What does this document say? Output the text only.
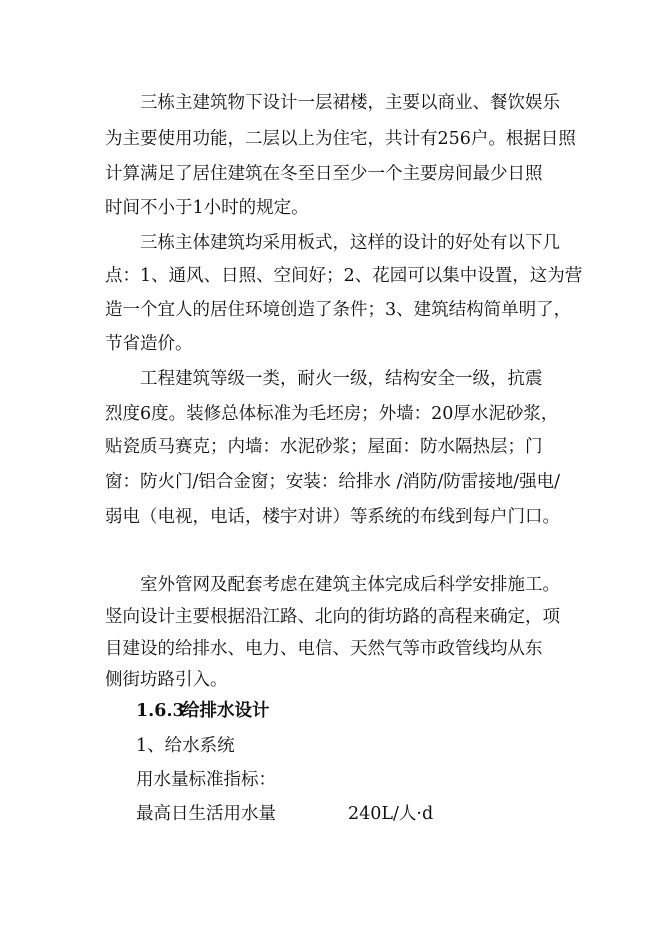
三栋主建筑物下设计一层裙楼，主要以商业、餐饮娱乐
为主要使用功能，二层以上为住宅，共计有256户。根据日照
计算满足了居住建筑在冬至日至少一个主要房间最少日照
时间不小于1小时的规定。
三栋主体建筑均采用板式，这样的设计的好处有以下几
点：1、通风、日照、空间好；2、花园可以集中设置，这为营
造一个宜人的居住环境创造了条件；3、建筑结构简单明了，
节省造价。
工程建筑等级一类，耐火一级，结构安全一级，抗震
烈度6度。装修总体标准为毛坯房；外墙：20厚水泥砂浆，
贴瓷质马赛克；内墙：水泥砂浆；屋面：防水隔热层；门
窗：防火门/铝合金窗；安装：给排水 /消防/防雷接地/强电/
弱电（电视，电话，楼宇对讲）等系统的布线到每户门口。
室外管网及配套考虑在建筑主体完成后科学安排施工。
竖向设计主要根据沿江路、北向的街坊路的高程来确定，项
目建设的给排水、电力、电信、天然气等市政管线均从东
侧街坊路引入。
1.6.3给排水设计
1、给水系统
用水量标准指标：
最高日生活用水量	240L/人·d
